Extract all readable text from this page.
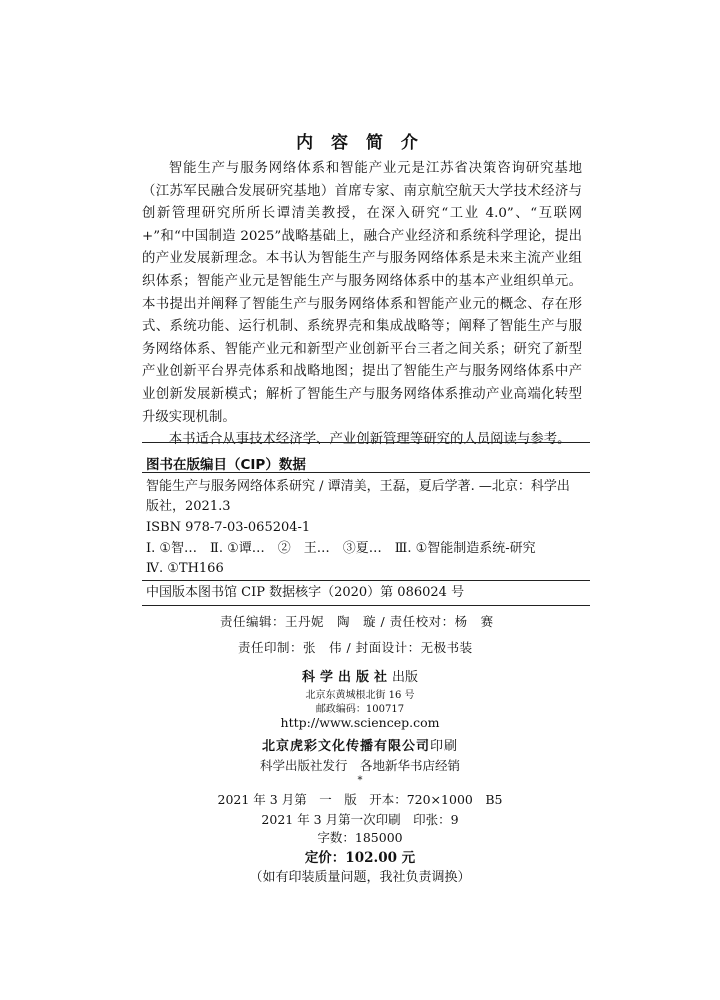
内 容 简 介

智能生产与服务网络体系和智能产业元是江苏省决策咨询研究基地（江苏军民融合发展研究基地）首席专家、南京航空航天大学技术经济与创新管理研究所所长谭清美教授，在深入研究“工业 4.0”、“互联网+”和“中国制造 2025”战略基础上，融合产业经济和系统科学理论，提出的产业发展新理念。本书认为智能生产与服务网络体系是未来主流产业组织体系；智能产业元是智能生产与服务网络体系中的基本产业组织单元。本书提出并阐释了智能生产与服务网络体系和智能产业元的概念、存在形式、系统功能、运行机制、系统界壳和集成战略等；阐释了智能生产与服务网络体系、智能产业元和新型产业创新平台三者之间关系；研究了新型产业创新平台界壳体系和战略地图；提出了智能生产与服务网络体系中产业创新发展新模式；解析了智能生产与服务网络体系推动产业高端化转型升级实现机制。

本书适合从事技术经济学、产业创新管理等研究的人员阅读与参考。

图书在版编目（CIP）数据
智能生产与服务网络体系研究 / 谭清美，王磊，夏后学著. —北京：科学出
版社，2021.3
ISBN 978-7-03-065204-1
Ⅰ. ①智…　Ⅱ. ①谭…　②　王…　③夏…　Ⅲ. ①智能制造系统-研究
Ⅳ. ①TH166
中国版本图书馆 CIP 数据核字（2020）第 086024 号
责任编辑：王丹妮　陶　璇 / 责任校对：杨　赛
责任印制：张　伟 / 封面设计：无极书装
科学出版社出版
北京东黄城根北街 16 号
邮政编码：100717
http://www.sciencep.com
北京虎彩文化传播有限公司印刷
科学出版社发行　各地新华书店经销
*
2021 年 3 月第　一　版　开本：720×1000　B5
2021 年 3 月第一次印刷　印张：9
字数：185000
定价：102.00 元
（如有印装质量问题，我社负责调换）
